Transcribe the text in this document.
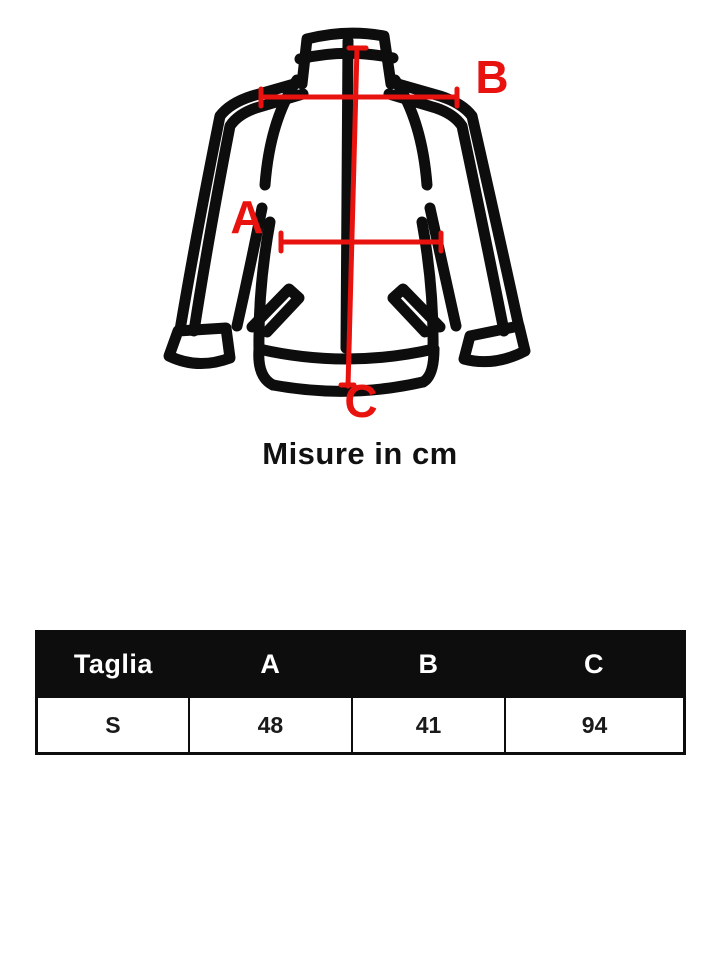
A
B
C
Misure in cm
Taglia	A	B	C
S	48	41	94
